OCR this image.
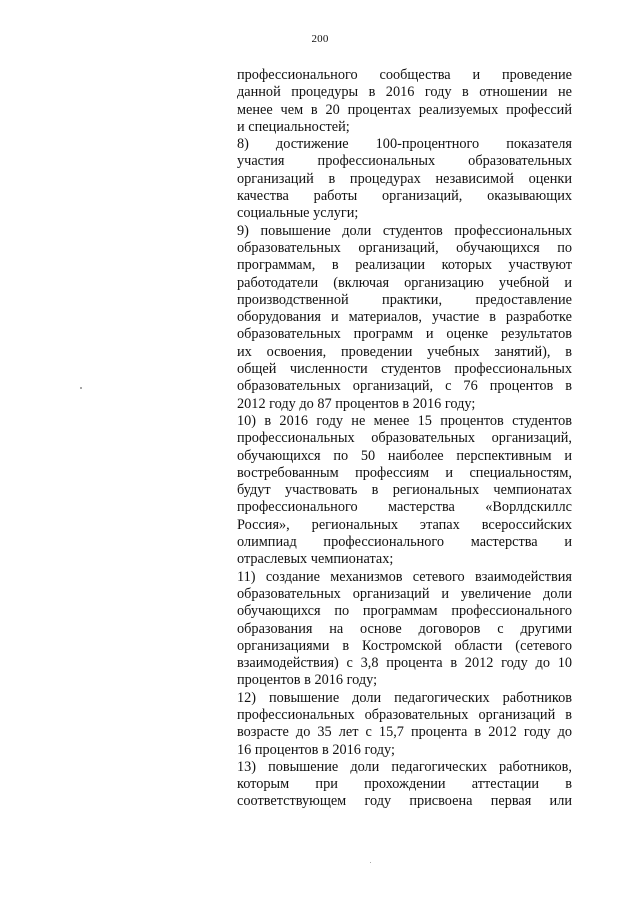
200
профессионального сообщества и проведение
данной процедуры в 2016 году в отношении не
менее чем в 20 процентах реализуемых профессий
и специальностей;
8) достижение 100-процентного показателя
участия профессиональных образовательных
организаций в процедурах независимой оценки
качества работы организаций, оказывающих
социальные услуги;
9) повышение доли студентов профессиональных
образовательных организаций, обучающихся по
программам, в реализации которых участвуют
работодатели (включая организацию учебной и
производственной практики, предоставление
оборудования и материалов, участие в разработке
образовательных программ и оценке результатов
их освоения, проведении учебных занятий), в
общей численности студентов профессиональных
образовательных организаций, с 76 процентов в
2012 году до 87 процентов в 2016 году;
10) в 2016 году не менее 15 процентов студентов
профессиональных образовательных организаций,
обучающихся по 50 наиболее перспективным и
востребованным профессиям и специальностям,
будут участвовать в региональных чемпионатах
профессионального мастерства «Ворлдскиллс
Россия», региональных этапах всероссийских
олимпиад профессионального мастерства и
отраслевых чемпионатах;
11) создание механизмов сетевого взаимодействия
образовательных организаций и увеличение доли
обучающихся по программам профессионального
образования на основе договоров с другими
организациями в Костромской области (сетевого
взаимодействия) с 3,8 процента в 2012 году до 10
процентов в 2016 году;
12) повышение доли педагогических работников
профессиональных образовательных организаций в
возрасте до 35 лет с 15,7 процента в 2012 году до
16 процентов в 2016 году;
13) повышение доли педагогических работников,
которым при прохождении аттестации в
соответствующем году присвоена первая или
